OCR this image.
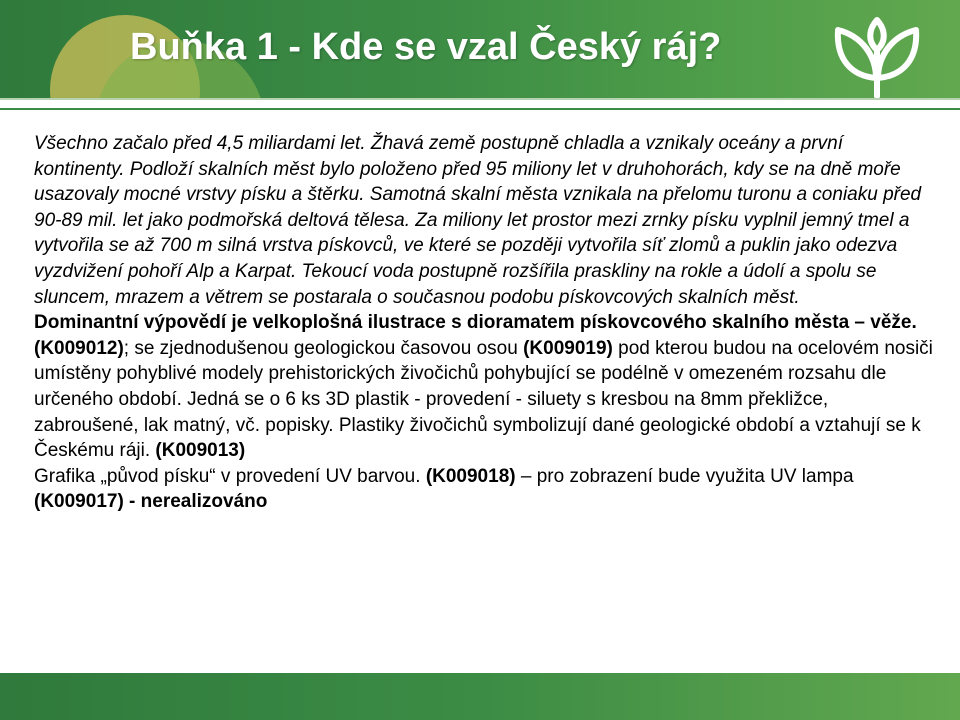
Buňka 1 - Kde se vzal Český ráj?

Všechno začalo před 4,5 miliardami let. Žhavá země postupně chladla a vznikaly oceány a první kontinenty. Podloží skalních měst bylo položeno před 95 miliony let v druhohorách, kdy se na dně moře usazovaly mocné vrstvy písku a štěrku. Samotná skalní města vznikala na přelomu turonu a coniaku před 90-89 mil. let jako podmořská deltová tělesa. Za miliony let prostor mezi zrnky písku vyplnil jemný tmel a vytvořila se až 700 m silná vrstva pískovců, ve které se později vytvořila síť zlomů a puklin jako odezva vyzdvižení pohoří Alp a Karpat. Tekoucí voda postupně rozšířila praskliny na rokle a údolí a spolu se sluncem, mrazem a větrem se postarala o současnou podobu pískovcových skalních měst.

Dominantní výpovědí je velkoplošná ilustrace s dioramatem pískovcového skalního města – věže. (K009012); se zjednodušenou geologickou časovou osou (K009019) pod kterou budou na ocelovém nosiči umístěny pohyblivé modely prehistorických živočichů pohybující se podélně v omezeném rozsahu dle určeného období. Jedná se o 6 ks 3D plastik - provedení - siluety s kresbou na 8mm překližce, zabroušené, lak matný, vč. popisky. Plastiky živočichů symbolizují dané geologické období a vztahují se k Českému ráji. (K009013)

Grafika „původ písku“ v provedení UV barvou. (K009018) – pro zobrazení bude využita UV lampa (K009017) - nerealizováno
